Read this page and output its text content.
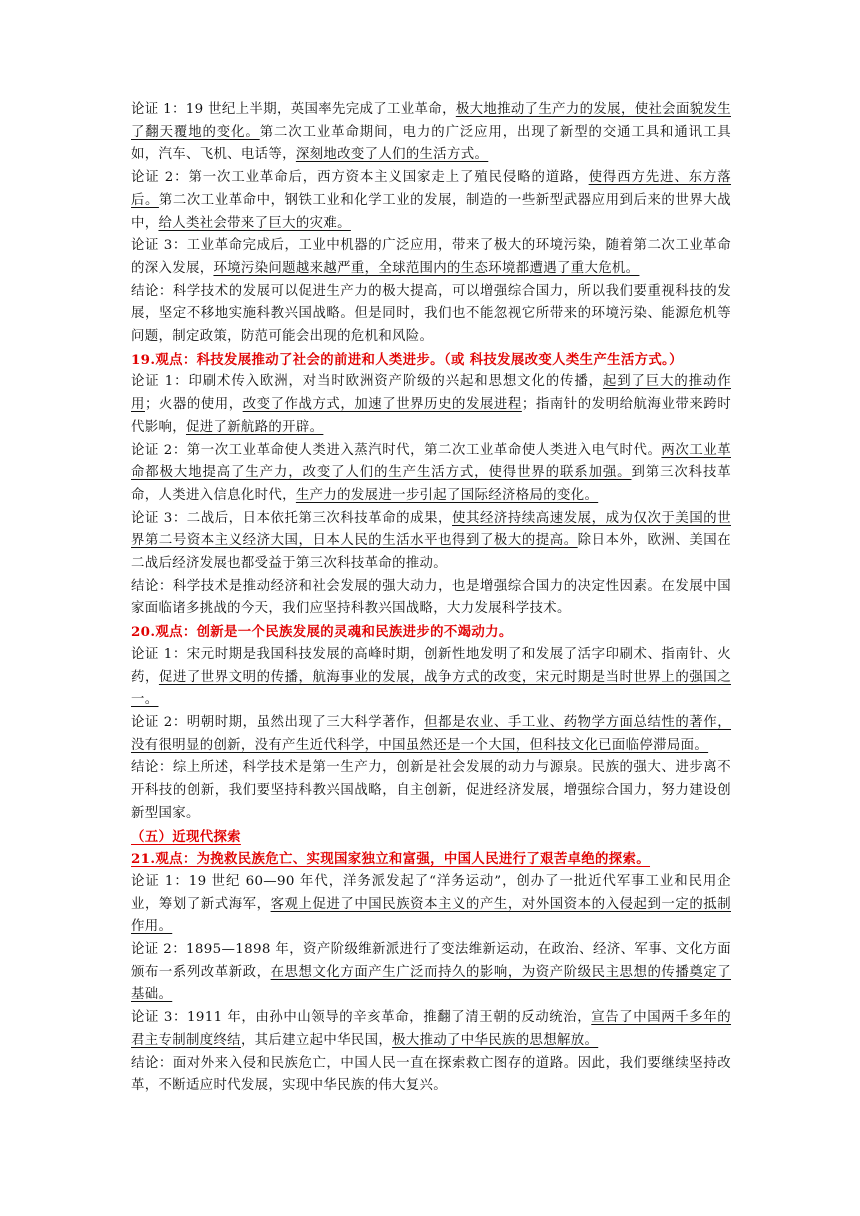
论证 1：19 世纪上半期，英国率先完成了工业革命，极大地推动了生产力的发展，使社会面貌发生了翻天覆地的变化。第二次工业革命期间，电力的广泛应用，出现了新型的交通工具和通讯工具如，汽车、飞机、电话等，深刻地改变了人们的生活方式。

论证 2：第一次工业革命后，西方资本主义国家走上了殖民侵略的道路，使得西方先进、东方落后。第二次工业革命中，钢铁工业和化学工业的发展，制造的一些新型武器应用到后来的世界大战中，给人类社会带来了巨大的灾难。

论证 3：工业革命完成后，工业中机器的广泛应用，带来了极大的环境污染，随着第二次工业革命的深入发展，环境污染问题越来越严重，全球范围内的生态环境都遭遇了重大危机。

结论：科学技术的发展可以促进生产力的极大提高，可以增强综合国力，所以我们要重视科技的发展，坚定不移地实施科教兴国战略。但是同时，我们也不能忽视它所带来的环境污染、能源危机等问题，制定政策，防范可能会出现的危机和风险。

19.观点：科技发展推动了社会的前进和人类进步。（或 科技发展改变人类生产生活方式。）

论证 1：印刷术传入欧洲，对当时欧洲资产阶级的兴起和思想文化的传播，起到了巨大的推动作用；火器的使用，改变了作战方式，加速了世界历史的发展进程；指南针的发明给航海业带来跨时代影响，促进了新航路的开辟。

论证 2：第一次工业革命使人类进入蒸汽时代，第二次工业革命使人类进入电气时代。两次工业革命都极大地提高了生产力，改变了人们的生产生活方式，使得世界的联系加强。到第三次科技革命，人类进入信息化时代，生产力的发展进一步引起了国际经济格局的变化。

论证 3：二战后，日本依托第三次科技革命的成果，使其经济持续高速发展，成为仅次于美国的世界第二号资本主义经济大国，日本人民的生活水平也得到了极大的提高。除日本外，欧洲、美国在二战后经济发展也都受益于第三次科技革命的推动。

结论：科学技术是推动经济和社会发展的强大动力，也是增强综合国力的决定性因素。在发展中国家面临诸多挑战的今天，我们应坚持科教兴国战略，大力发展科学技术。

20.观点：创新是一个民族发展的灵魂和民族进步的不竭动力。

论证 1：宋元时期是我国科技发展的高峰时期，创新性地发明了和发展了活字印刷术、指南针、火药，促进了世界文明的传播，航海事业的发展，战争方式的改变，宋元时期是当时世界上的强国之一。

论证 2：明朝时期，虽然出现了三大科学著作，但都是农业、手工业、药物学方面总结性的著作，没有很明显的创新，没有产生近代科学，中国虽然还是一个大国，但科技文化已面临停滞局面。

结论：综上所述，科学技术是第一生产力，创新是社会发展的动力与源泉。民族的强大、进步离不开科技的创新，我们要坚持科教兴国战略，自主创新，促进经济发展，增强综合国力，努力建设创新型国家。

（五）近现代探索

21.观点：为挽救民族危亡、实现国家独立和富强，中国人民进行了艰苦卓绝的探索。

论证 1：19 世纪 60—90 年代，洋务派发起了“洋务运动”，创办了一批近代军事工业和民用企业，筹划了新式海军，客观上促进了中国民族资本主义的产生，对外国资本的入侵起到一定的抵制作用。

论证 2：1895—1898 年，资产阶级维新派进行了变法维新运动，在政治、经济、军事、文化方面颁布一系列改革新政，在思想文化方面产生广泛而持久的影响，为资产阶级民主思想的传播奠定了基础。

论证 3：1911 年，由孙中山领导的辛亥革命，推翻了清王朝的反动统治，宣告了中国两千多年的君主专制制度终结，其后建立起中华民国，极大推动了中华民族的思想解放。

结论：面对外来入侵和民族危亡，中国人民一直在探索救亡图存的道路。因此，我们要继续坚持改革，不断适应时代发展，实现中华民族的伟大复兴。
